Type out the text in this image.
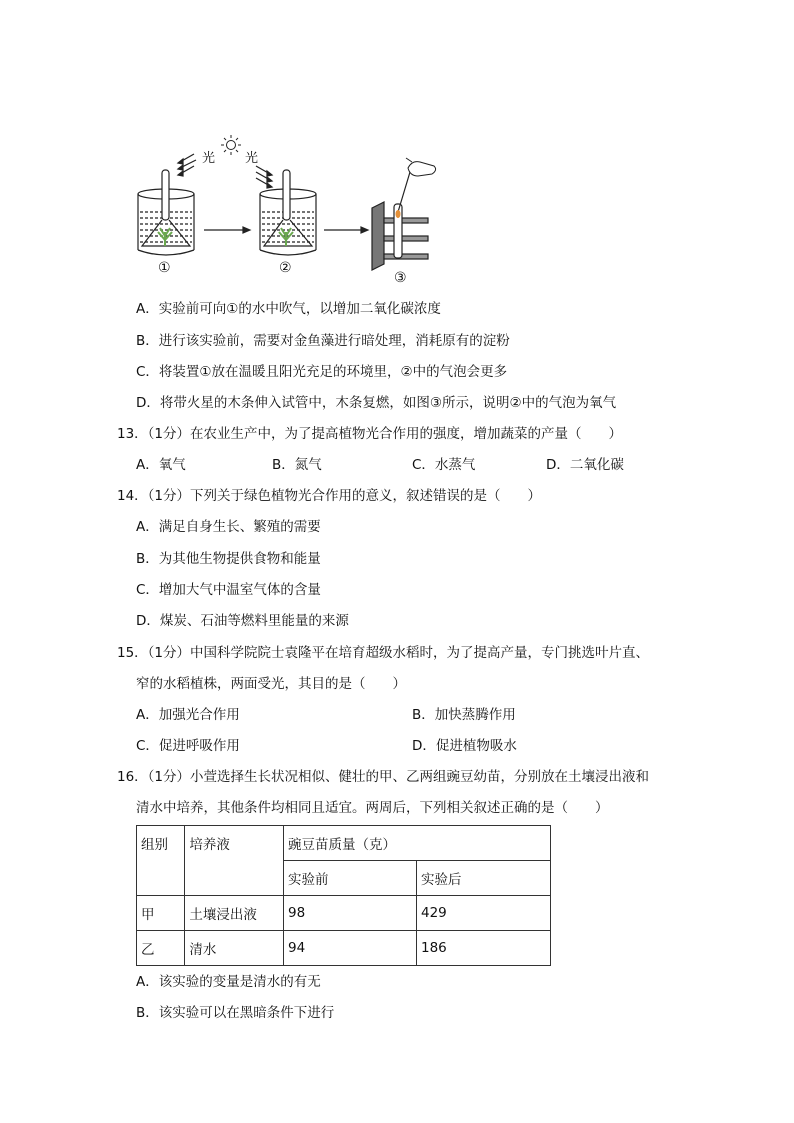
光 光
①	②
③
A．实验前可向①的水中吹气，以增加二氧化碳浓度
B．进行该实验前，需要对金鱼藻进行暗处理，消耗原有的淀粉
C．将装置①放在温暖且阳光充足的环境里，②中的气泡会更多
D．将带火星的木条伸入试管中，木条复燃，如图③所示，说明②中的气泡为氧气
13．（1分）在农业生产中，为了提高植物光合作用的强度，增加蔬菜的产量（　　）
A．氧气	B．氮气	C．水蒸气	D．二氧化碳
14．（1分）下列关于绿色植物光合作用的意义，叙述错误的是（　　）
A．满足自身生长、繁殖的需要
B．为其他生物提供食物和能量
C．增加大气中温室气体的含量
D．煤炭、石油等燃料里能量的来源
15．（1分）中国科学院院士袁隆平在培育超级水稻时，为了提高产量，专门挑选叶片直、
窄的水稻植株，两面受光，其目的是（　　）
A．加强光合作用	B．加快蒸腾作用
C．促进呼吸作用	D．促进植物吸水
16．（1分）小萱选择生长状况相似、健壮的甲、乙两组豌豆幼苗，分别放在土壤浸出液和
清水中培养，其他条件均相同且适宜。两周后，下列相关叙述正确的是（　　）
组别	培养液	豌豆苗质量（克）	
		实验前	实验后
甲	土壤浸出液	98	429
乙	清水	94	186
A．该实验的变量是清水的有无
B．该实验可以在黑暗条件下进行
